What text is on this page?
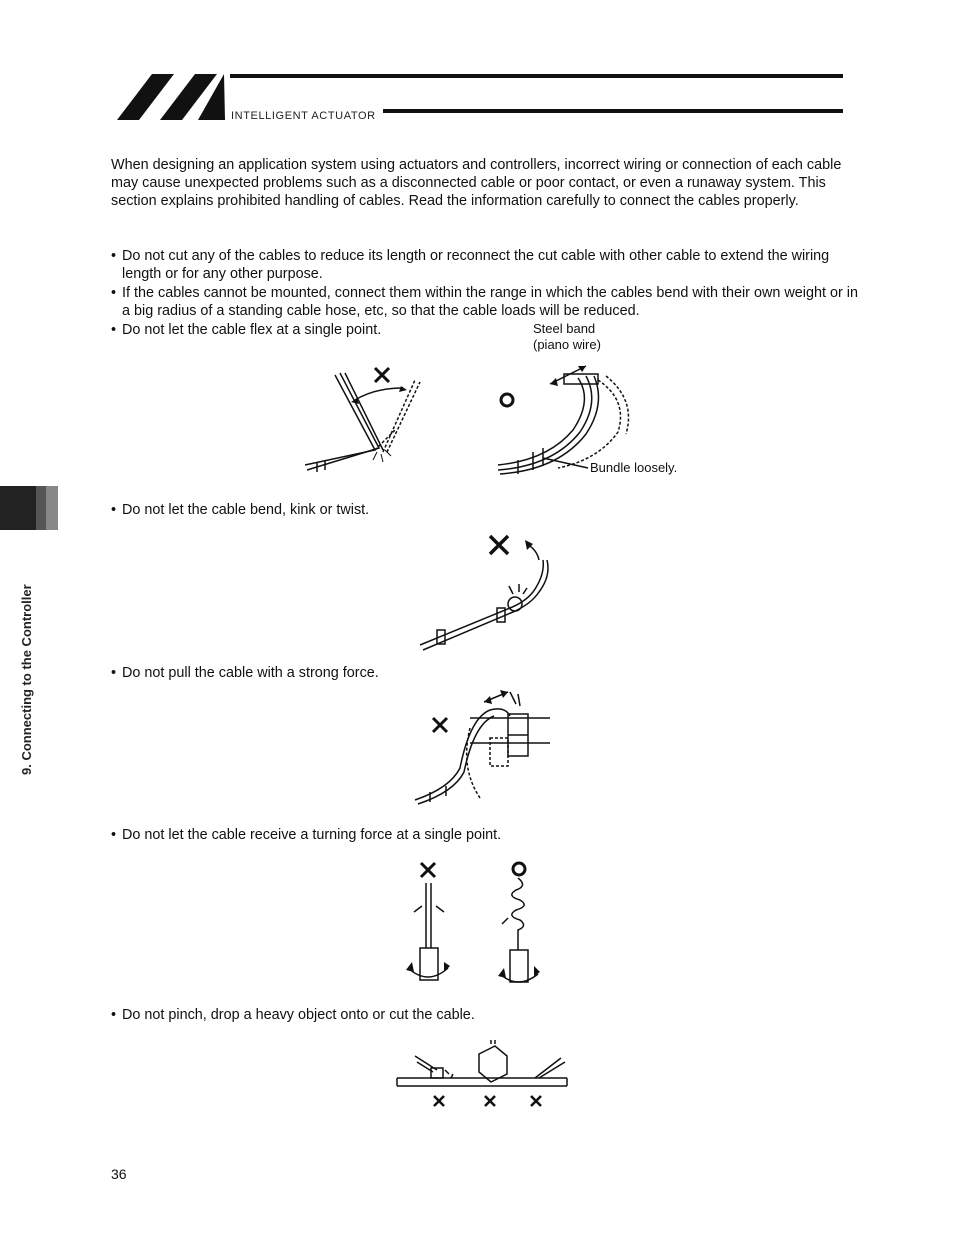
INTELLIGENT ACTUATOR
When designing an application system using actuators and controllers, incorrect wiring or connection of each cable may cause unexpected problems such as a disconnected cable or poor contact, or even a runaway system. This section explains prohibited handling of cables. Read the information carefully to connect the cables properly.
• Do not cut any of the cables to reduce its length or reconnect the cut cable with other cable to extend the wiring length or for any other purpose.
• If the cables cannot be mounted, connect them within the range in which the cables bend with their own weight or in a big radius of a standing cable hose, etc, so that the cable loads will be reduced.
• Do not let the cable flex at a single point.
• Do not let the cable bend, kink or twist.
• Do not pull the cable with a strong force.
• Do not let the cable receive a turning force at a single point.
• Do not pinch, drop a heavy object onto or cut the cable.
Steel band
(piano wire)
Bundle loosely.
9. Connecting to the Controller
36
